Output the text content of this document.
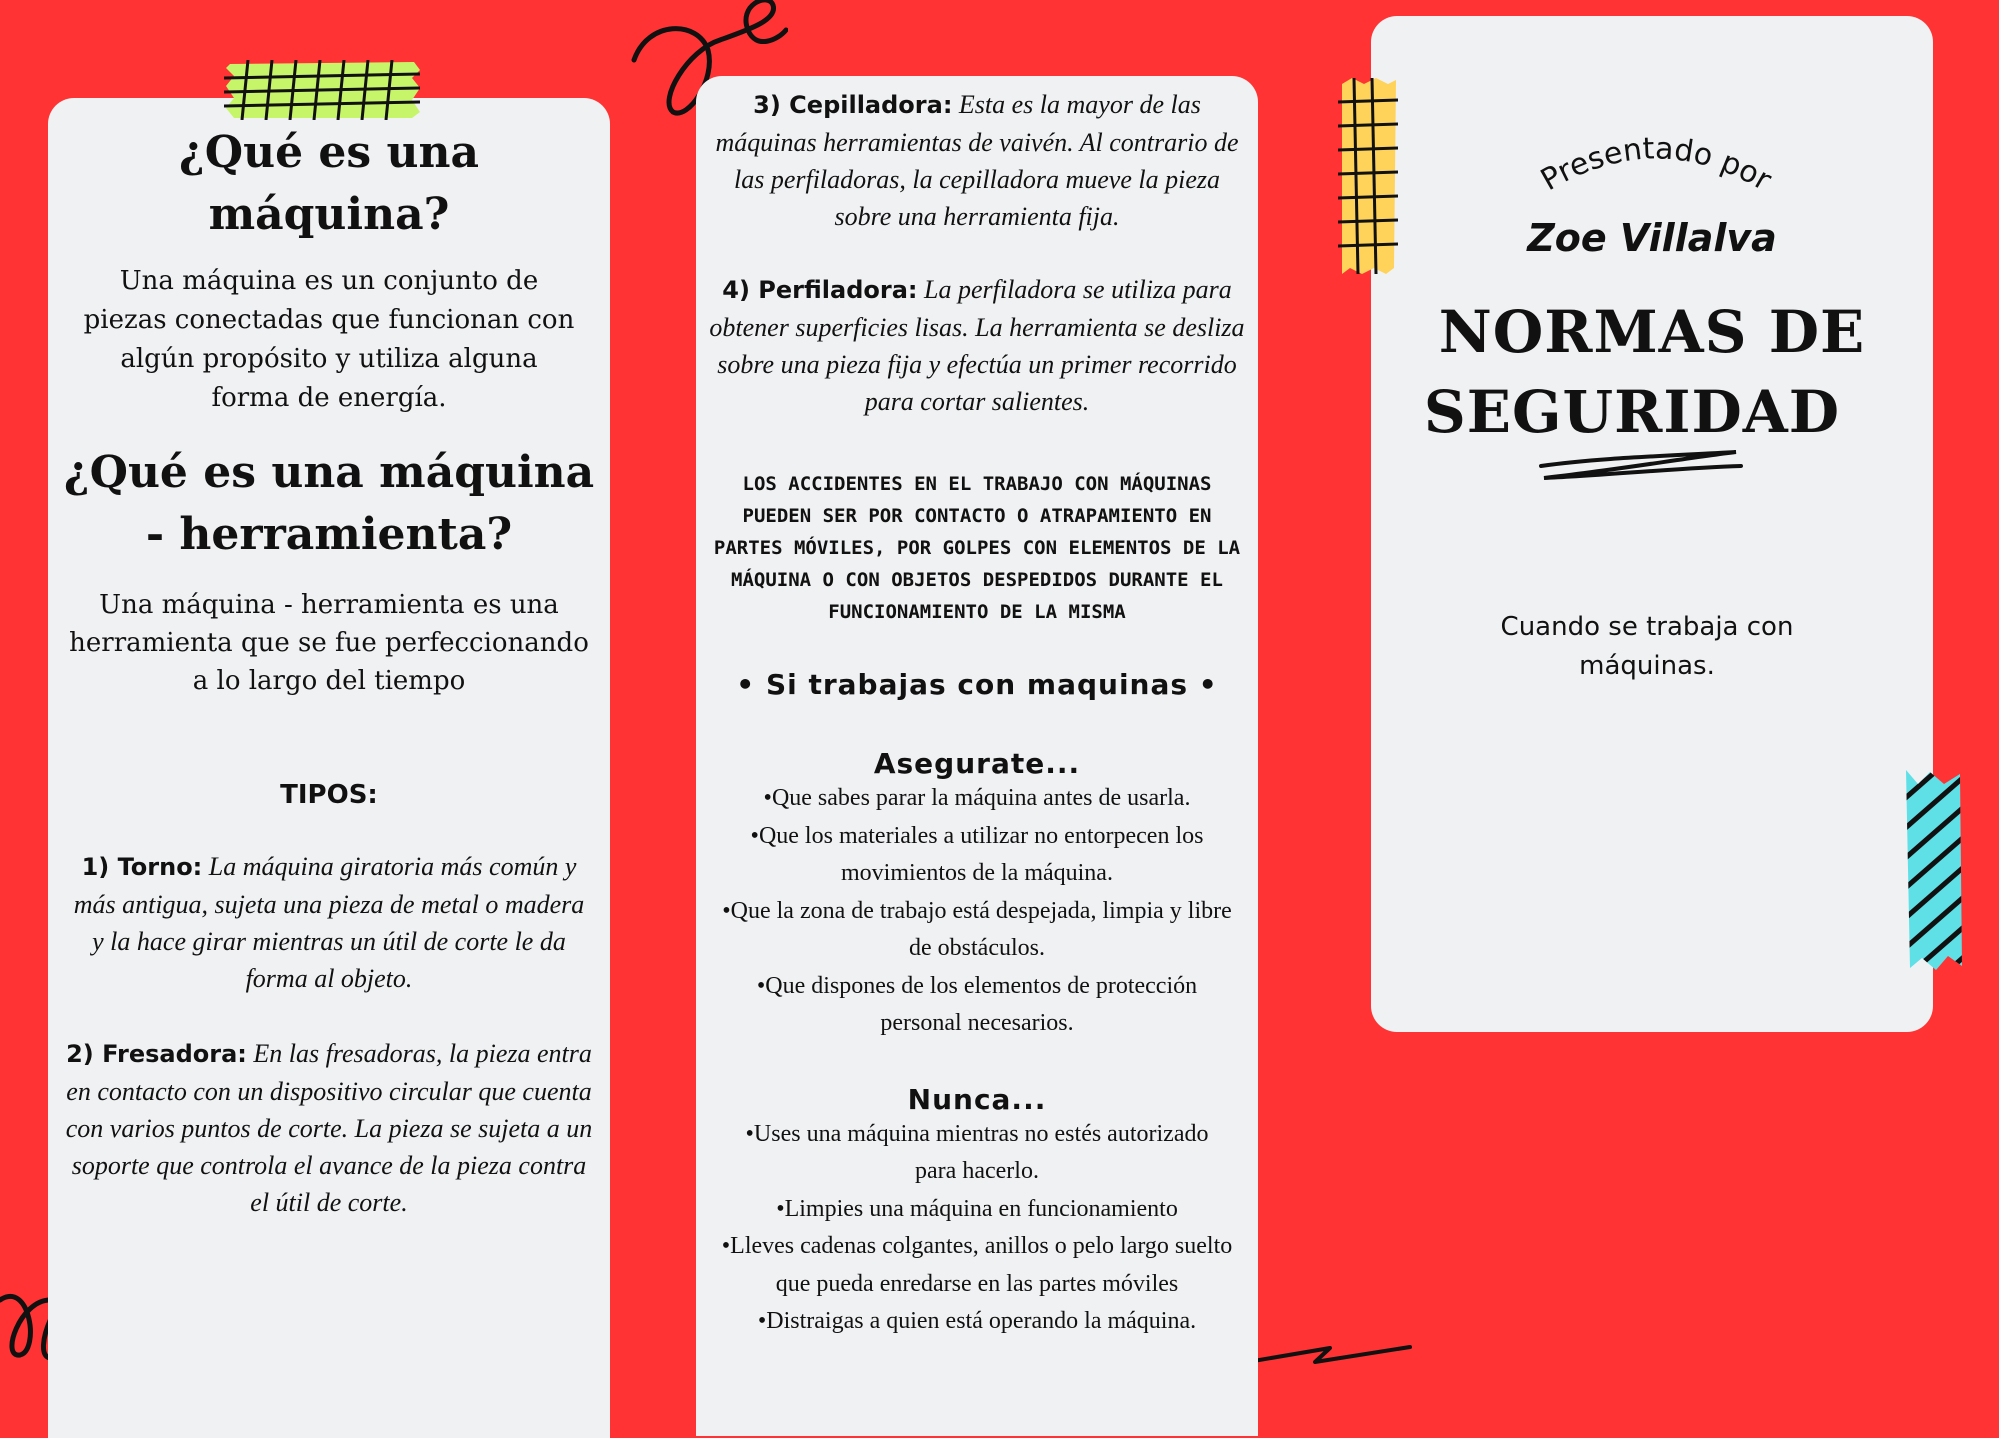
¿Qué es una máquina?

Una máquina es un conjunto de piezas conectadas que funcionan con algún propósito y utiliza alguna forma de energía.

¿Qué es una máquina - herramienta?

Una máquina - herramienta es una herramienta que se fue perfeccionando a lo largo del tiempo

TIPOS:

1) Torno: La máquina giratoria más común y más antigua, sujeta una pieza de metal o madera y la hace girar mientras un útil de corte le da forma al objeto.

2) Fresadora: En las fresadoras, la pieza entra en contacto con un dispositivo circular que cuenta con varios puntos de corte. La pieza se sujeta a un soporte que controla el avance de la pieza contra el útil de corte.

3) Cepilladora: Esta es la mayor de las máquinas herramientas de vaivén. Al contrario de las perfiladoras, la cepilladora mueve la pieza sobre una herramienta fija.

4) Perfiladora: La perfiladora se utiliza para obtener superficies lisas. La herramienta se desliza sobre una pieza fija y efectúa un primer recorrido para cortar salientes.

LOS ACCIDENTES EN EL TRABAJO CON MÁQUINAS PUEDEN SER POR CONTACTO O ATRAPAMIENTO EN PARTES MÓVILES, POR GOLPES CON ELEMENTOS DE LA MÁQUINA O CON OBJETOS DESPEDIDOS DURANTE EL FUNCIONAMIENTO DE LA MISMA

• Si trabajas con maquinas •

Asegurate...

•Que sabes parar la máquina antes de usarla.

•Que los materiales a utilizar no entorpecen los movimientos de la máquina.

•Que la zona de trabajo está despejada, limpia y libre de obstáculos.

•Que dispones de los elementos de protección personal necesarios.

Nunca...

•Uses una máquina mientras no estés autorizado para hacerlo.

•Limpies una máquina en funcionamiento

•Lleves cadenas colgantes, anillos o pelo largo suelto que pueda enredarse en las partes móviles

•Distraigas a quien está operando la máquina.

Presentado por

Zoe Villalva

NORMAS DE
SEGURIDAD

Cuando se trabaja con máquinas.
